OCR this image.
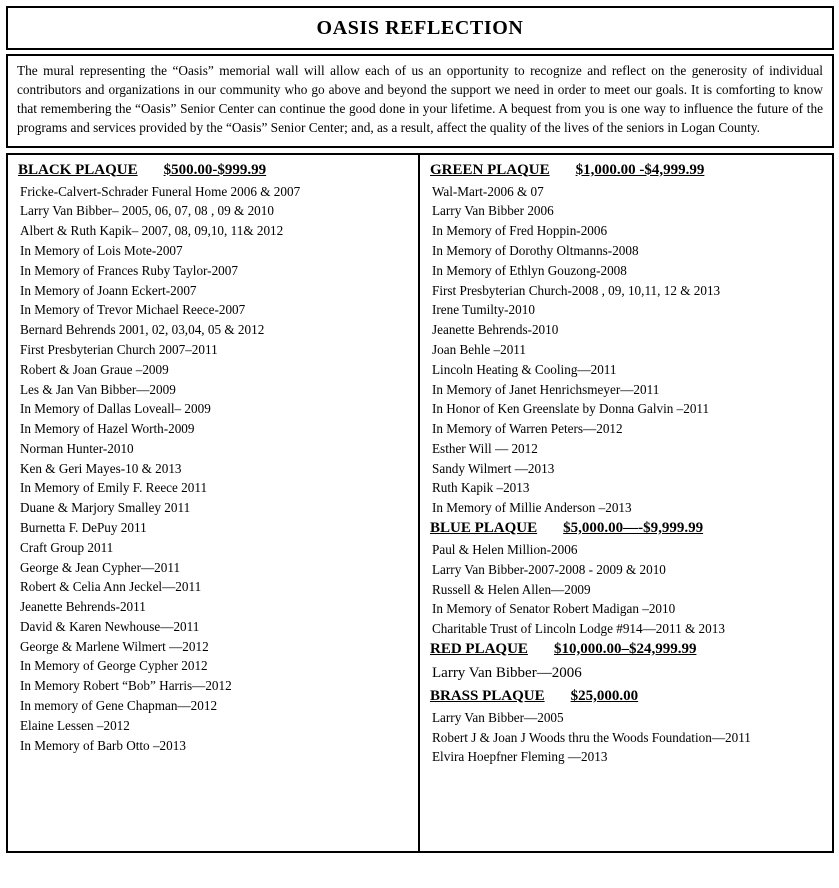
OASIS REFLECTION
The mural representing the “Oasis” memorial wall will allow each of us an opportunity to recognize and reflect on the generosity of individual contributors and organizations in our community who go above and beyond the support we need in order to meet our goals. It is comforting to know that remembering the “Oasis” Senior Center can continue the good done in your lifetime. A bequest from you is one way to influence the future of the programs and services provided by the “Oasis” Senior Center; and, as a result, affect the quality of the lives of the seniors in Logan County.
BLACK PLAQUE $500.00-$999.99
Fricke-Calvert-Schrader Funeral Home 2006 & 2007
Larry Van Bibber– 2005, 06, 07, 08 , 09 & 2010
Albert & Ruth Kapik– 2007, 08, 09,10, 11& 2012
In Memory of Lois Mote-2007
In Memory of Frances Ruby Taylor-2007
In Memory of Joann Eckert-2007
In Memory of Trevor Michael Reece-2007
Bernard Behrends 2001, 02, 03,04, 05 & 2012
First Presbyterian Church 2007–2011
Robert & Joan Graue –2009
Les & Jan Van Bibber—2009
In Memory of Dallas Loveall– 2009
In Memory of Hazel Worth-2009
Norman Hunter-2010
Ken & Geri Mayes-10 & 2013
In Memory of Emily F. Reece 2011
Duane & Marjory Smalley 2011
Burnetta F. DePuy 2011
Craft Group 2011
George & Jean Cypher—2011
Robert & Celia Ann Jeckel—2011
Jeanette Behrends-2011
David & Karen Newhouse—2011
George & Marlene Wilmert —2012
In Memory of George Cypher 2012
In Memory Robert “Bob” Harris—2012
In memory of Gene Chapman—2012
Elaine Lessen –2012
In Memory of Barb Otto –2013
GREEN PLAQUE $1,000.00 -$4,999.99
Wal-Mart-2006 & 07
Larry Van Bibber 2006
In Memory of Fred Hoppin-2006
In Memory of Dorothy Oltmanns-2008
In Memory of Ethlyn Gouzong-2008
First Presbyterian Church-2008 , 09, 10,11, 12 & 2013
Irene Tumilty-2010
Jeanette Behrends-2010
Joan Behle –2011
Lincoln Heating & Cooling—2011
In Memory of Janet Henrichsmeyer—2011
In Honor of Ken Greenslate by Donna Galvin –2011
In Memory of Warren Peters—2012
Esther Will — 2012
Sandy Wilmert —2013
Ruth Kapik –2013
In Memory of Millie Anderson –2013
BLUE PLAQUE $5,000.00—-$9,999.99
Paul & Helen Million-2006
Larry Van Bibber-2007-2008 - 2009 & 2010
Russell & Helen Allen—2009
In Memory of Senator Robert Madigan –2010
Charitable Trust of Lincoln Lodge #914—2011 & 2013
RED PLAQUE $10,000.00–$24,999.99
Larry Van Bibber—2006
BRASS PLAQUE $25,000.00
Larry Van Bibber—2005
Robert J & Joan J Woods thru the Woods Foundation—2011
Elvira Hoepfner Fleming —2013
